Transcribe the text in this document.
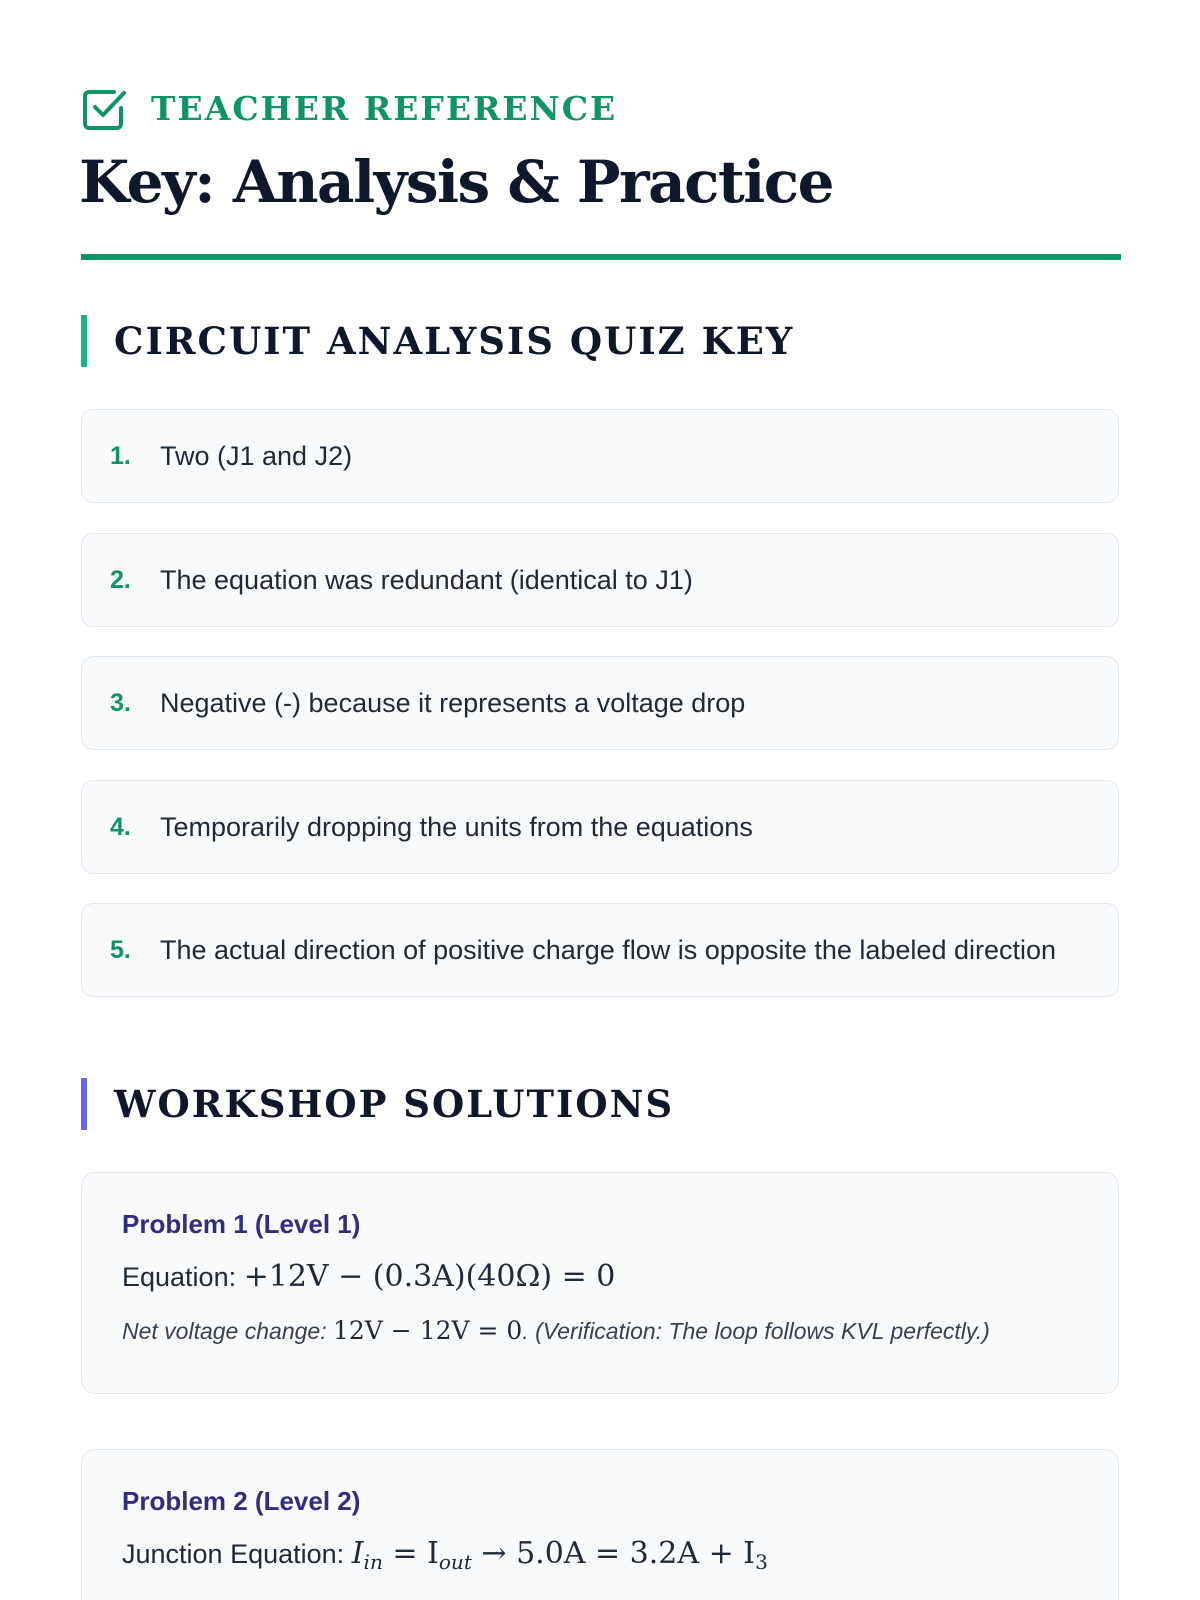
TEACHER REFERENCE
Key: Analysis & Practice
CIRCUIT ANALYSIS QUIZ KEY
1.	Two (J1 and J2)
2.	The equation was redundant (identical to J1)
3.	Negative (-) because it represents a voltage drop
4.	Temporarily dropping the units from the equations
5.	The actual direction of positive charge flow is opposite the labeled direction
WORKSHOP SOLUTIONS
Problem 1 (Level 1)
Equation: +12V − (0.3A)(40Ω) = 0
Net voltage change: 12V − 12V = 0. (Verification: The loop follows KVL perfectly.)
Problem 2 (Level 2)
Junction Equation: $I_{in} = I_{out} \to 5.0A = 3.2A + I_3$
